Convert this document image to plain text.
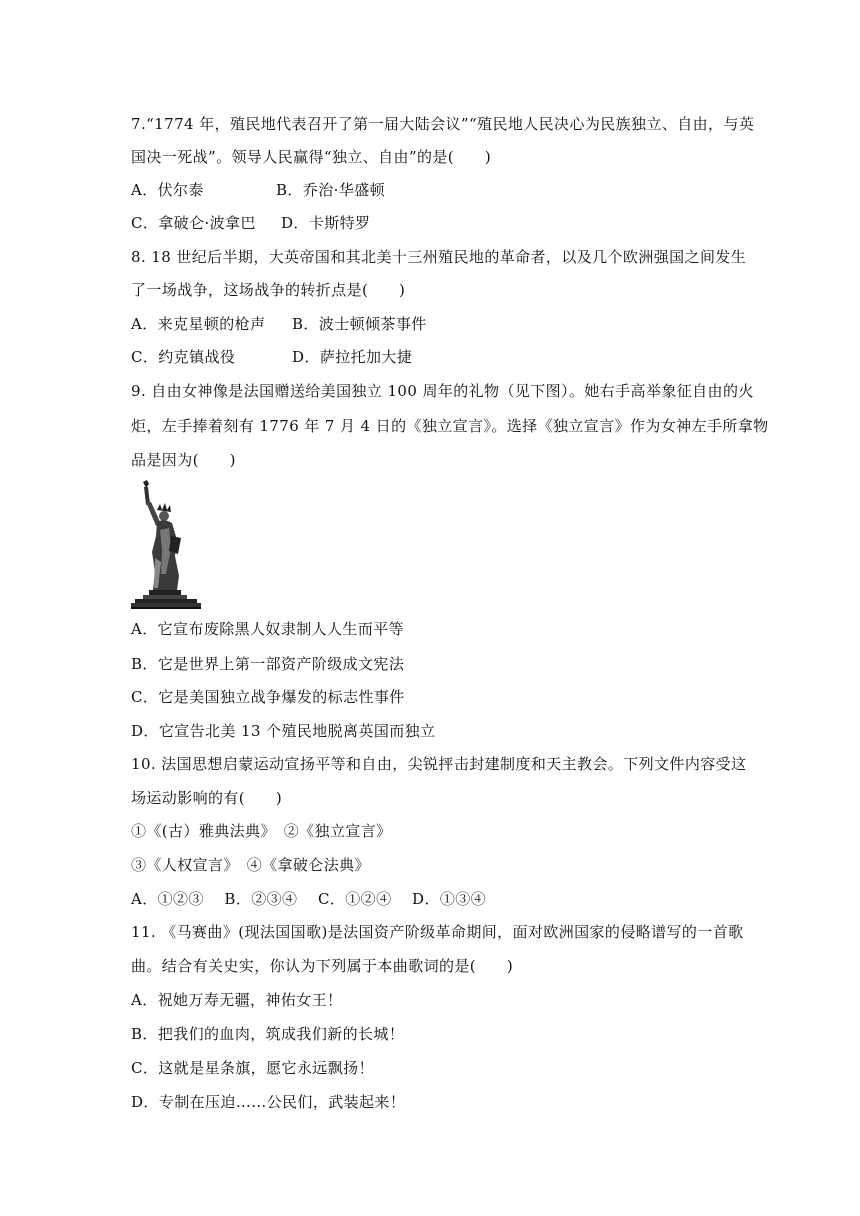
7.“1774 年，殖民地代表召开了第一届大陆会议”“殖民地人民决心为民族独立、自由，与英
国决一死战”。领导人民赢得“独立、自由”的是(　　)
A．伏尔泰	B．乔治·华盛顿
C．拿破仑·波拿巴 D．卡斯特罗
8. 18 世纪后半期，大英帝国和其北美十三州殖民地的革命者，以及几个欧洲强国之间发生
了一场战争，这场战争的转折点是(　　)
A．来克星顿的枪声 B．波士顿倾茶事件
C．约克镇战役	D．萨拉托加大捷
9. 自由女神像是法国赠送给美国独立 100 周年的礼物（见下图）。她右手高举象征自由的火
炬，左手捧着刻有 1776 年 7 月 4 日的《独立宣言》。选择《独立宣言》作为女神左手所拿物
品是因为(　　)
A．它宣布废除黑人奴隶制人人生而平等
B．它是世界上第一部资产阶级成文宪法
C．它是美国独立战争爆发的标志性事件
D．它宣告北美 13 个殖民地脱离英国而独立
10. 法国思想启蒙运动宣扬平等和自由，尖锐抨击封建制度和天主教会。下列文件内容受这
场运动影响的有(　　)
①《(古）雅典法典》　②《独立宣言》
③《人权宣言》　④《拿破仑法典》
A．①②③　 B．②③④　 C．①②④　 D．①③④
11. 《马赛曲》(现法国国歌)是法国资产阶级革命期间，面对欧洲国家的侵略谱写的一首歌
曲。结合有关史实，你认为下列属于本曲歌词的是(　　)
A．祝她万寿无疆，神佑女王！
B．把我们的血肉，筑成我们新的长城！
C．这就是星条旗，愿它永远飘扬！
D．专制在压迫……公民们，武装起来！
